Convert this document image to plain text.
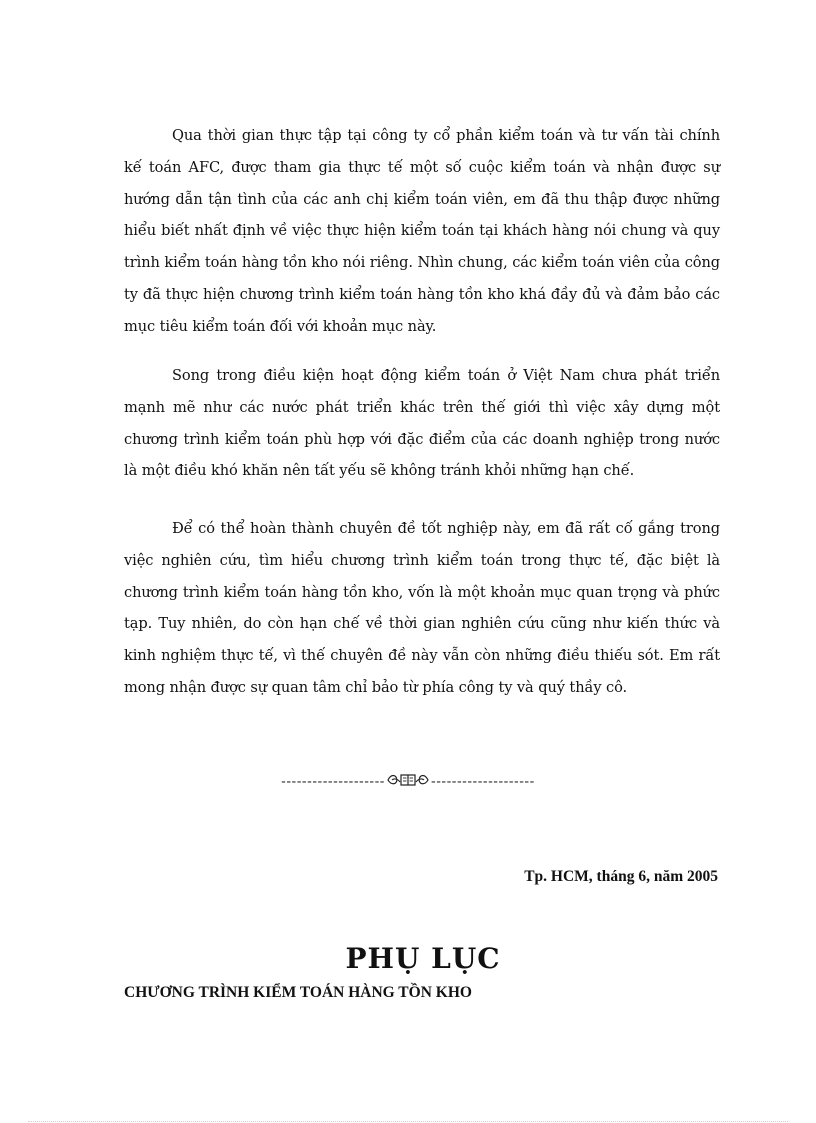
Qua thời gian thực tập tại công ty cổ phần kiểm toán và tư vấn tài chính kế toán AFC, được tham gia thực tế một số cuộc kiểm toán và nhận được sự hướng dẫn tận tình của các anh chị kiểm toán viên, em đã thu thập được những hiểu biết nhất định về việc thực hiện kiểm toán tại khách hàng nói chung và quy trình kiểm toán hàng tồn kho nói riêng. Nhìn chung, các kiểm toán viên của công ty đã thực hiện chương trình kiểm toán hàng tồn kho khá đầy đủ và đảm bảo các mục tiêu kiểm toán đối với khoản mục này.

Song trong điều kiện hoạt động kiểm toán ở Việt Nam chưa phát triển mạnh mẽ như các nước phát triển khác trên thế giới thì việc xây dựng một chương trình kiểm toán phù hợp với đặc điểm của các doanh nghiệp trong nước là một điều khó khăn nên tất yếu sẽ không tránh khỏi những hạn chế.

Để có thể hoàn thành chuyên đề tốt nghiệp này, em đã rất cố gắng trong việc nghiên cứu, tìm hiểu chương trình kiểm toán trong thực tế, đặc biệt là chương trình kiểm toán hàng tồn kho, vốn là một khoản mục quan trọng và phức tạp. Tuy nhiên, do còn hạn chế về thời gian nghiên cứu cũng như kiến thức và kinh nghiệm thực tế, vì thế chuyên đề này vẫn còn những điều thiếu sót. Em rất mong nhận được sự quan tâm chỉ bảo từ phía công ty và quý thầy cô.

--------------------	--------------------
Tp. HCM, tháng 6, năm 2005
PHỤ LỤC
CHƯƠNG TRÌNH KIỂM TOÁN HÀNG TỒN KHO
